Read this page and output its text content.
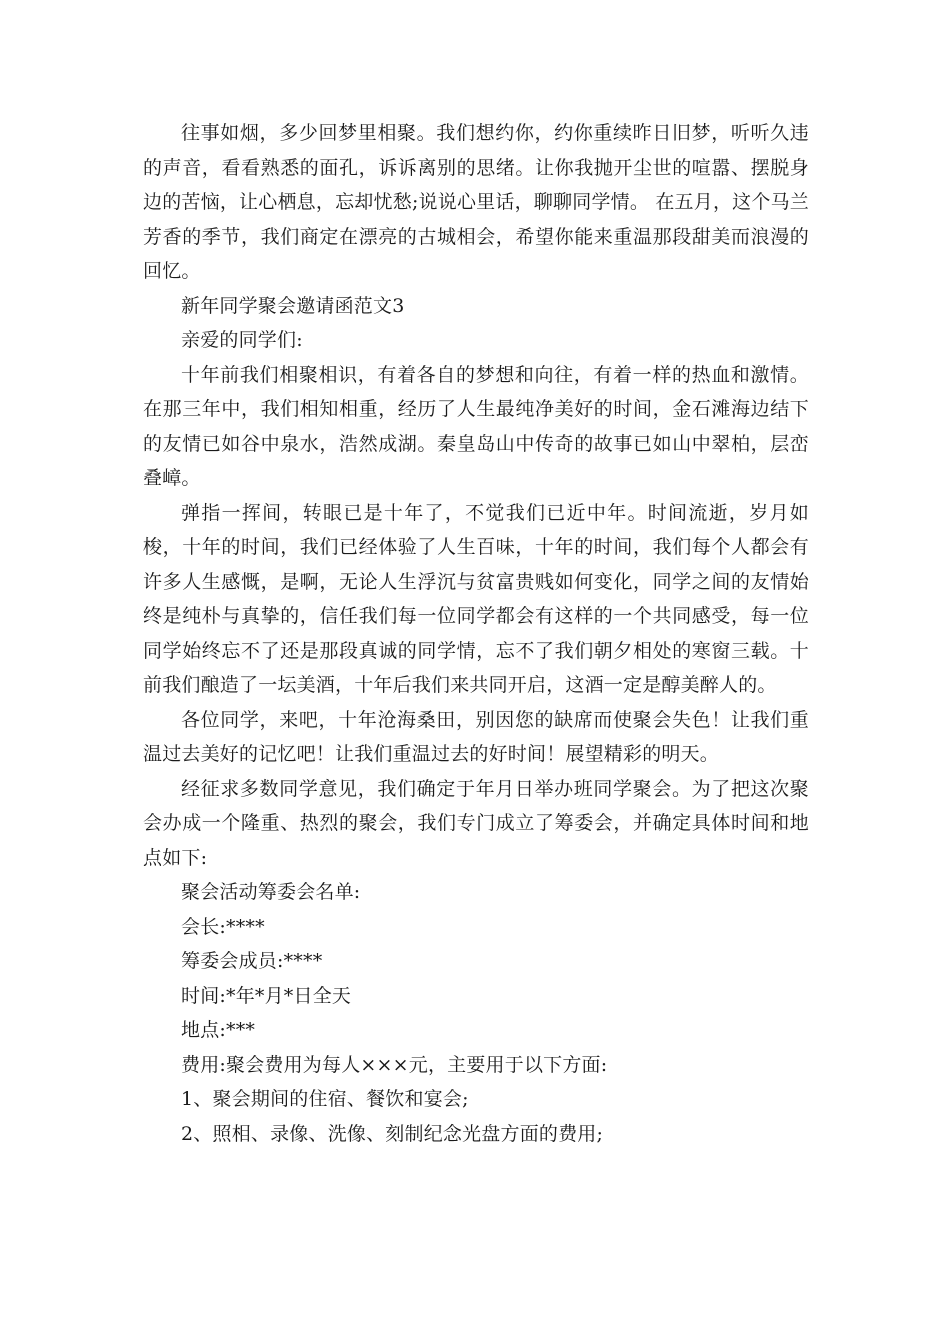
往事如烟，多少回梦里相聚。我们想约你，约你重续昨日旧梦，听听久违的声音，看看熟悉的面孔，诉诉离别的思绪。让你我抛开尘世的喧嚣、摆脱身边的苦恼，让心栖息，忘却忧愁;说说心里话，聊聊同学情。 在五月，这个马兰芳香的季节，我们商定在漂亮的古城相会，希望你能来重温那段甜美而浪漫的回忆。

新年同学聚会邀请函范文3

亲爱的同学们:

十年前我们相聚相识，有着各自的梦想和向往，有着一样的热血和激情。在那三年中，我们相知相重，经历了人生最纯净美好的时间，金石滩海边结下的友情已如谷中泉水，浩然成湖。秦皇岛山中传奇的故事已如山中翠柏，层峦叠嶂。

弹指一挥间，转眼已是十年了，不觉我们已近中年。时间流逝，岁月如梭，十年的时间，我们已经体验了人生百味，十年的时间，我们每个人都会有许多人生感慨，是啊，无论人生浮沉与贫富贵贱如何变化，同学之间的友情始终是纯朴与真挚的，信任我们每一位同学都会有这样的一个共同感受，每一位同学始终忘不了还是那段真诚的同学情，忘不了我们朝夕相处的寒窗三载。十前我们酿造了一坛美酒，十年后我们来共同开启，这酒一定是醇美醉人的。

各位同学，来吧，十年沧海桑田，别因您的缺席而使聚会失色！让我们重温过去美好的记忆吧！让我们重温过去的好时间！展望精彩的明天。

经征求多数同学意见，我们确定于年月日举办班同学聚会。为了把这次聚会办成一个隆重、热烈的聚会，我们专门成立了筹委会，并确定具体时间和地点如下:

聚会活动筹委会名单:

会长:****

筹委会成员:****

时间:*年*月*日全天

地点:***

费用:聚会费用为每人×××元，主要用于以下方面:

1、聚会期间的住宿、餐饮和宴会;

2、照相、录像、洗像、刻制纪念光盘方面的费用;
